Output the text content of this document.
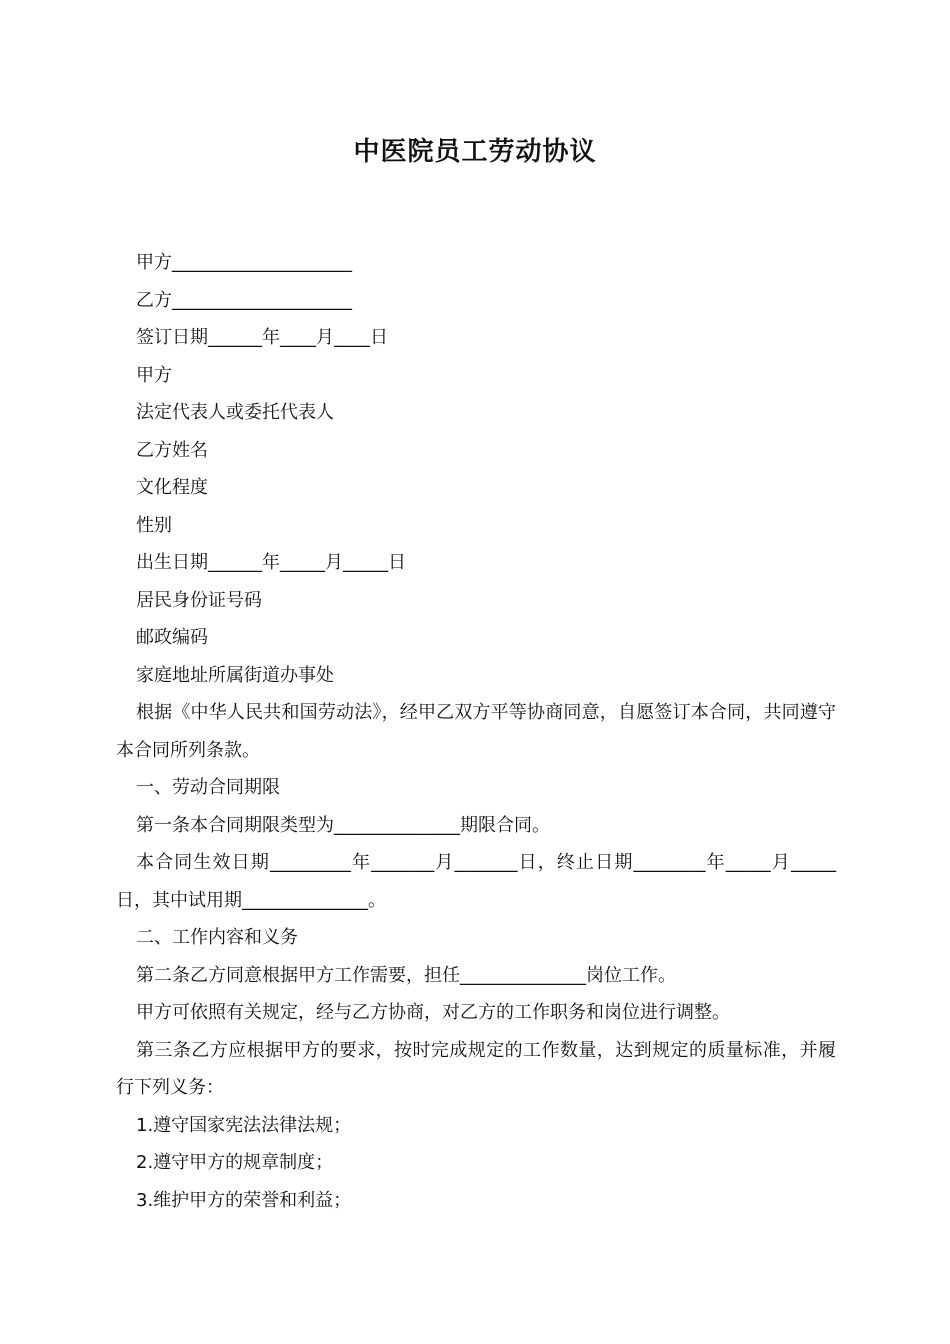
中医院员工劳动协议

甲方____________________

乙方____________________

签订日期______年____月____日

甲方

法定代表人或委托代表人

乙方姓名

文化程度

性别

出生日期______年_____月_____日

居民身份证号码

邮政编码

家庭地址所属街道办事处

根据《中华人民共和国劳动法》，经甲乙双方平等协商同意，自愿签订本合同，共同遵守本合同所列条款。

一、劳动合同期限

第一条本合同期限类型为______________期限合同。

本合同生效日期_________年_______月_______日，终止日期________年_____月_____日，其中试用期______________。

二、工作内容和义务

第二条乙方同意根据甲方工作需要，担任______________岗位工作。

甲方可依照有关规定，经与乙方协商，对乙方的工作职务和岗位进行调整。

第三条乙方应根据甲方的要求，按时完成规定的工作数量，达到规定的质量标准，并履行下列义务：

1.遵守国家宪法法律法规；

2.遵守甲方的规章制度；

3.维护甲方的荣誉和利益；
